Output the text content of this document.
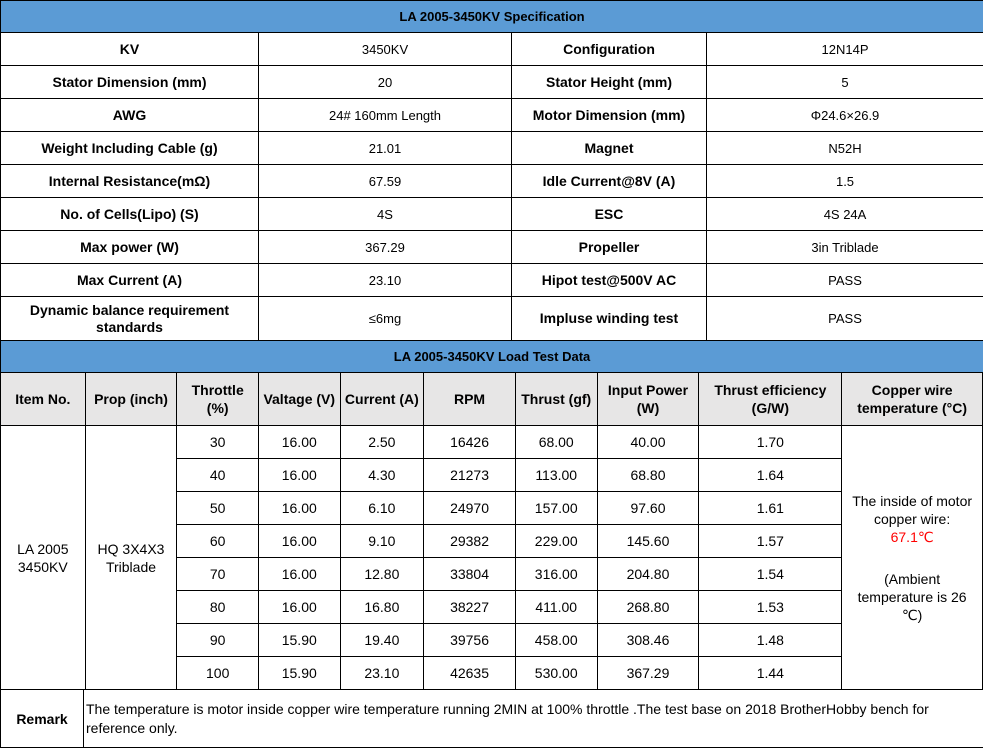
LA 2005-3450KV Specification			
KV	3450KV	Configuration	12N14P
Stator Dimension (mm)	20	Stator Height (mm)	5
AWG	24# 160mm Length	Motor Dimension (mm)	Φ24.6×26.9
Weight Including Cable (g)	21.01	Magnet	N52H
Internal Resistance(mΩ)	67.59	Idle Current@8V (A)	1.5
No. of Cells(Lipo) (S)	4S	ESC	4S 24A
Max power (W)	367.29	Propeller	3in Triblade
Max Current (A)	23.10	Hipot test@500V AC	PASS
Dynamic balance requirement standards	≤6mg	Impluse winding test	PASS
LA 2005-3450KV Load Test Data			
Item No.	Prop (inch)	Throttle (%)	Valtage (V)	Current (A)	RPM	Thrust (gf)	Input Power (W)	Thrust efficiency (G/W)	Copper wire temperature (°C)
LA 2005 3450KV	HQ 3X4X3 Triblade	30	16.00	2.50	16426	68.00	40.00	1.70	The inside of motor copper wire:
67.1℃
(Ambient temperature is 26 ℃)
		40	16.00	4.30	21273	113.00	68.80	1.64	
		50	16.00	6.10	24970	157.00	97.60	1.61	
		60	16.00	9.10	29382	229.00	145.60	1.57	
		70	16.00	12.80	33804	316.00	204.80	1.54	
		80	16.00	16.80	38227	411.00	268.80	1.53	
		90	15.90	19.40	39756	458.00	308.46	1.48	
		100	15.90	23.10	42635	530.00	367.29	1.44	
Remark	The temperature is motor inside copper wire temperature running 2MIN at 100% throttle .The test base on 2018 BrotherHobby bench for reference only.
